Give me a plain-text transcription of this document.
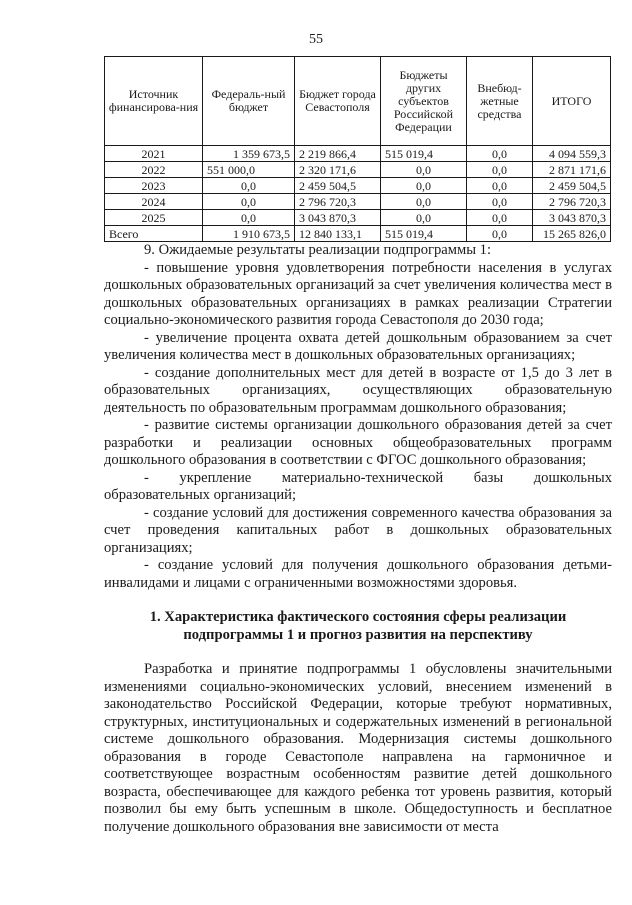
55
Источник финансирова-ния	Федераль-ный бюджет	Бюджет города Севастополя	Бюджеты других субъектов Российской Федерации	Внебюд-жетные средства	ИТОГО
2021	1 359 673,5	2 219 866,4	515 019,4	0,0	4 094 559,3
2022	551 000,0	2 320 171,6	0,0	0,0	2 871 171,6
2023	0,0	2 459 504,5	0,0	0,0	2 459 504,5
2024	0,0	2 796 720,3	0,0	0,0	2 796 720,3
2025	0,0	3 043 870,3	0,0	0,0	3 043 870,3
Всего	1 910 673,5	12 840 133,1	515 019,4	0,0	15 265 826,0

9. Ожидаемые результаты реализации подпрограммы 1:

- повышение уровня удовлетворения потребности населения в услугах дошкольных образовательных организаций за счет увеличения количества мест в дошкольных образовательных организациях в рамках реализации Стратегии социально-экономического развития города Севастополя до 2030 года;

- увеличение процента охвата детей дошкольным образованием за счет увеличения количества мест в дошкольных образовательных организациях;

- создание дополнительных мест для детей в возрасте от 1,5 до 3 лет в образовательных организациях, осуществляющих образовательную деятельность по образовательным программам дошкольного образования;

- развитие системы организации дошкольного образования детей за счет разработки и реализации основных общеобразовательных программ дошкольного образования в соответствии с ФГОС дошкольного образования;

- укрепление материально-технической базы дошкольных образовательных организаций;

- создание условий для достижения современного качества образования за счет проведения капитальных работ в дошкольных образовательных организациях;

- создание условий для получения дошкольного образования детьми-инвалидами и лицами с ограниченными возможностями здоровья.

1. Характеристика фактического состояния сферы реализации
подпрограммы 1 и прогноз развития на перспективу

Разработка и принятие подпрограммы 1 обусловлены значительными изменениями социально-экономических условий, внесением изменений в законодательство Российской Федерации, которые требуют нормативных, структурных, институциональных и содержательных изменений в региональной системе дошкольного образования. Модернизация системы дошкольного образования в городе Севастополе направлена на гармоничное и соответствующее возрастным особенностям развитие детей дошкольного возраста, обеспечивающее для каждого ребенка тот уровень развития, который позволил бы ему быть успешным в школе. Общедоступность и бесплатное получение дошкольного образования вне зависимости от места
